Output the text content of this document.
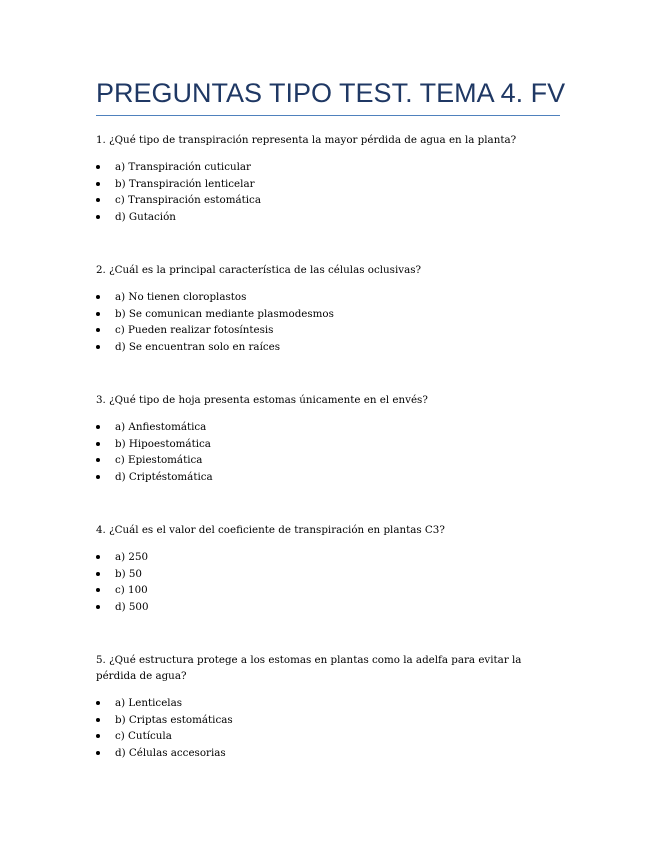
PREGUNTAS TIPO TEST. TEMA 4. FV

1. ¿Qué tipo de transpiración representa la mayor pérdida de agua en la planta?

a) Transpiración cuticular
b) Transpiración lenticelar
c) Transpiración estomática
d) Gutación

2. ¿Cuál es la principal característica de las células oclusivas?

a) No tienen cloroplastos
b) Se comunican mediante plasmodesmos
c) Pueden realizar fotosíntesis
d) Se encuentran solo en raíces

3. ¿Qué tipo de hoja presenta estomas únicamente en el envés?

a) Anfiestomática
b) Hipoestomática
c) Epiestomática
d) Criptéstomática

4. ¿Cuál es el valor del coeficiente de transpiración en plantas C3?

a) 250
b) 50
c) 100
d) 500

5. ¿Qué estructura protege a los estomas en plantas como la adelfa para evitar la pérdida de agua?

a) Lenticelas
b) Criptas estomáticas
c) Cutícula
d) Células accesorias
